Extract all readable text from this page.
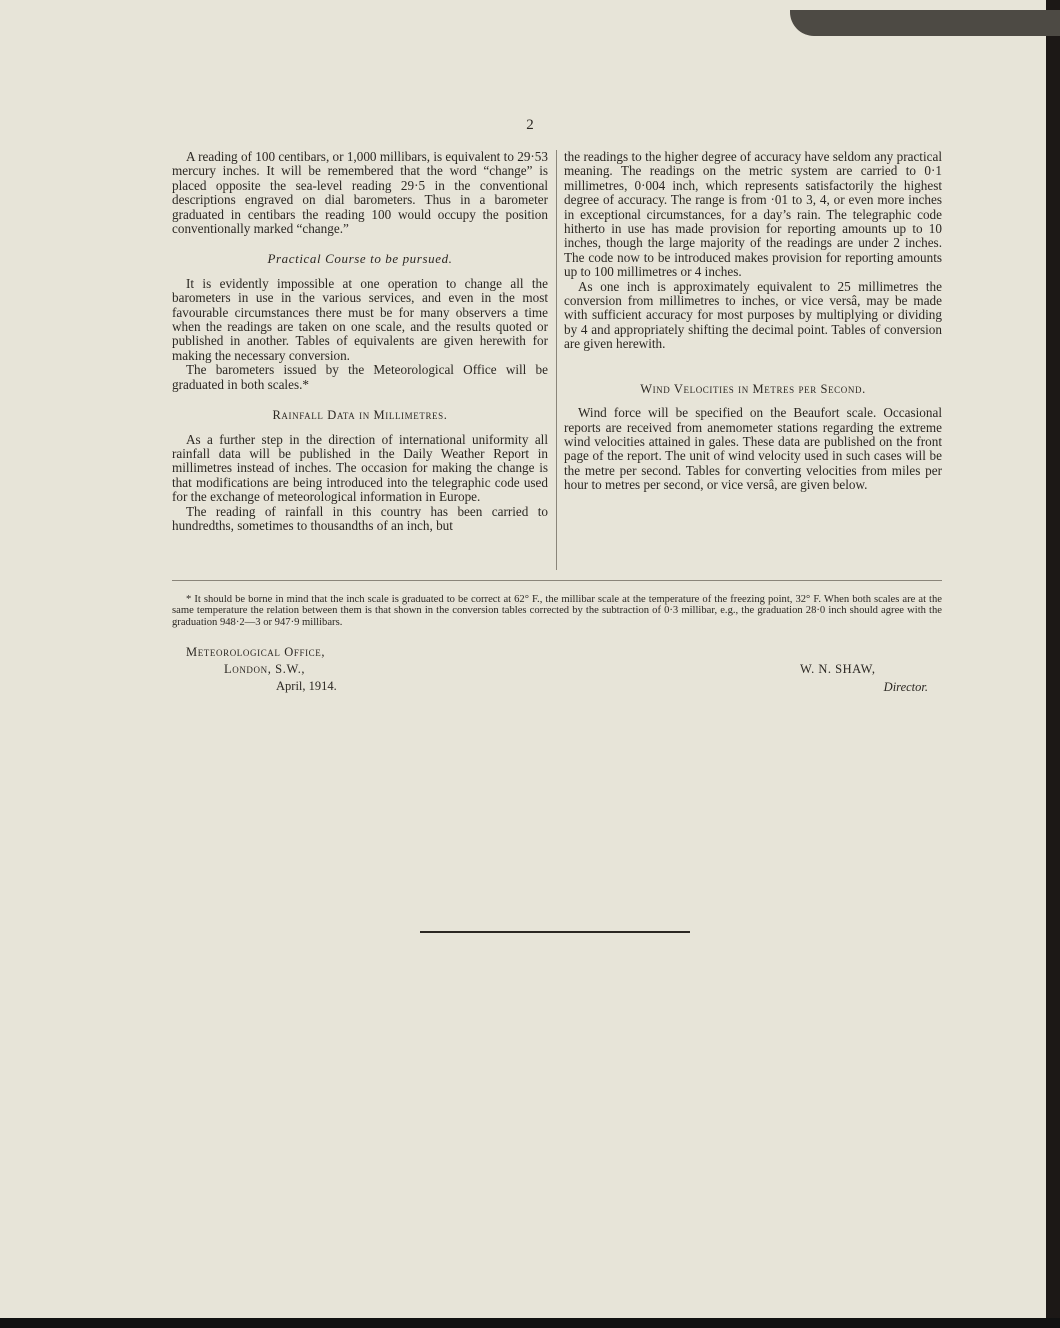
2

A reading of 100 centibars, or 1,000 millibars, is equivalent to 29·53 mercury inches. It will be remembered that the word “change” is placed opposite the sea-level reading 29·5 in the conventional descriptions engraved on dial barometers. Thus in a barometer graduated in centibars the reading 100 would occupy the position conventionally marked “change.”

Practical Course to be pursued.

It is evidently impossible at one operation to change all the barometers in use in the various services, and even in the most favourable circumstances there must be for many observers a time when the readings are taken on one scale, and the results quoted or published in another. Tables of equivalents are given herewith for making the necessary conversion.

The barometers issued by the Meteorological Office will be graduated in both scales.*

Rainfall Data in Millimetres.

As a further step in the direction of international uniformity all rainfall data will be published in the Daily Weather Report in millimetres instead of inches. The occasion for making the change is that modifications are being introduced into the telegraphic code used for the exchange of meteorological information in Europe.

The reading of rainfall in this country has been carried to hundredths, sometimes to thousandths of an inch, but

the readings to the higher degree of accuracy have seldom any practical meaning. The readings on the metric system are carried to 0·1 millimetres, 0·004 inch, which represents satisfactorily the highest degree of accuracy. The range is from ·01 to 3, 4, or even more inches in exceptional circumstances, for a day’s rain. The telegraphic code hitherto in use has made provision for reporting amounts up to 10 inches, though the large majority of the readings are under 2 inches. The code now to be introduced makes provision for reporting amounts up to 100 millimetres or 4 inches.

As one inch is approximately equivalent to 25 millimetres the conversion from millimetres to inches, or vice versâ, may be made with sufficient accuracy for most purposes by multiplying or dividing by 4 and appropriately shifting the decimal point. Tables of conversion are given herewith.

Wind Velocities in Metres per Second.

Wind force will be specified on the Beaufort scale. Occasional reports are received from anemometer stations regarding the extreme wind velocities attained in gales. These data are published on the front page of the report. The unit of wind velocity used in such cases will be the metre per second. Tables for converting velocities from miles per hour to metres per second, or vice versâ, are given below.

* It should be borne in mind that the inch scale is graduated to be correct at 62° F., the millibar scale at the temperature of the freezing point, 32° F. When both scales are at the same temperature the relation between them is that shown in the conversion tables corrected by the subtraction of 0·3 millibar, e.g., the graduation 28·0 inch should agree with the graduation 948·2—3 or 947·9 millibars.

Meteorological Office,
London, S.W.,
April, 1914.
W. N. SHAW,
Director.
